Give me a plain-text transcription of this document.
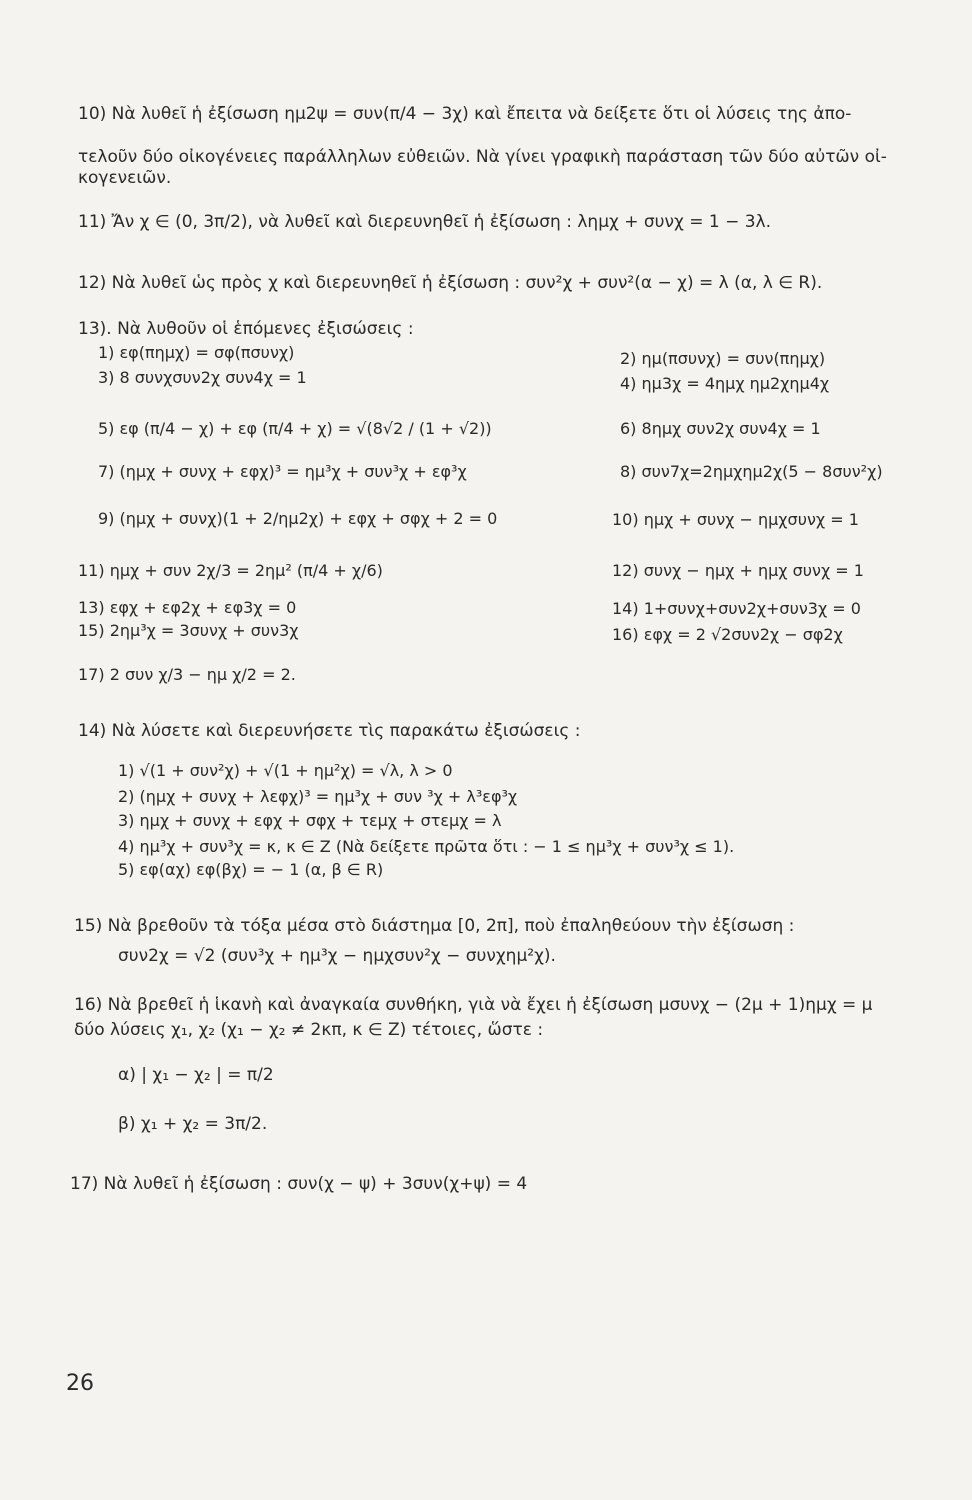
10) Νὰ λυθεῖ ἡ ἐξίσωση ημ2ψ = συν(π/4 − 3χ) καὶ ἔπειτα νὰ δείξετε ὅτι οἱ λύσεις της ἀπο-
τελοῦν δύο οἰκογένειες παράλληλων εὐθειῶν. Νὰ γίνει γραφικὴ παράσταση τῶν δύο αὐτῶν οἰ-
κογενειῶν.
11) Ἄν χ ∈ (0, 3π/2), νὰ λυθεῖ καὶ διερευνηθεῖ ἡ ἐξίσωση : λημχ + συνχ = 1 − 3λ.
12) Νὰ λυθεῖ ὡς πρὸς χ καὶ διερευνηθεῖ ἡ ἐξίσωση : συν²χ + συν²(α − χ) = λ (α, λ ∈ R).
13). Νὰ λυθοῦν οἱ ἑπόμενες ἐξισώσεις :
1) εφ(πημχ) = σφ(πσυνχ)
3) 8 συνχσυν2χ συν4χ = 1
5) εφ (π/4 − χ) + εφ (π/4 + χ) = √(8√2 / (1 + √2))
7) (ημχ + συνχ + εφχ)³ = ημ³χ + συν³χ + εφ³χ
9) (ημχ + συνχ)(1 + 2/ημ2χ) + εφχ + σφχ + 2 = 0
11) ημχ + συν 2χ/3 = 2ημ² (π/4 + χ/6)
13) εφχ + εφ2χ + εφ3χ = 0
15) 2ημ³χ = 3συνχ + συν3χ
17) 2 συν χ/3 − ημ χ/2 = 2.
2) ημ(πσυνχ) = συν(πημχ)
4) ημ3χ = 4ημχ ημ2χημ4χ
6) 8ημχ συν2χ συν4χ = 1
8) συν7χ=2ημχημ2χ(5 − 8συν²χ)
10) ημχ + συνχ − ημχσυνχ = 1
12) συνχ − ημχ + ημχ συνχ = 1
14) 1+συνχ+συν2χ+συν3χ = 0
16) εφχ = 2 √2συν2χ − σφ2χ
14) Νὰ λύσετε καὶ διερευνήσετε τὶς παρακάτω ἐξισώσεις :
1) √(1 + συν²χ) + √(1 + ημ²χ) = √λ, λ > 0
2) (ημχ + συνχ + λεφχ)³ = ημ³χ + συν ³χ + λ³εφ³χ
3) ημχ + συνχ + εφχ + σφχ + τεμχ + στεμχ = λ
4) ημ³χ + συν³χ = κ, κ ∈ Z (Νὰ δείξετε πρῶτα ὅτι : − 1 ≤ ημ³χ + συν³χ ≤ 1).
5) εφ(αχ) εφ(βχ) = − 1 (α, β ∈ R)
15) Νὰ βρεθοῦν τὰ τόξα μέσα στὸ διάστημα [0, 2π], ποὺ ἐπαληθεύουν τὴν ἐξίσωση :
συν2χ = √2 (συν³χ + ημ³χ − ημχσυν²χ − συνχημ²χ).
16) Νὰ βρεθεῖ ἡ ἱκανὴ καὶ ἀναγκαία συνθήκη, γιὰ νὰ ἔχει ἡ ἐξίσωση μσυνχ − (2μ + 1)ημχ = μ
δύο λύσεις χ₁, χ₂ (χ₁ − χ₂ ≠ 2κπ, κ ∈ Z) τέτοιες, ὥστε :
α) | χ₁ − χ₂ | = π/2
β) χ₁ + χ₂ = 3π/2.
17) Νὰ λυθεῖ ἡ ἐξίσωση : συν(χ − ψ) + 3συν(χ+ψ) = 4
26
